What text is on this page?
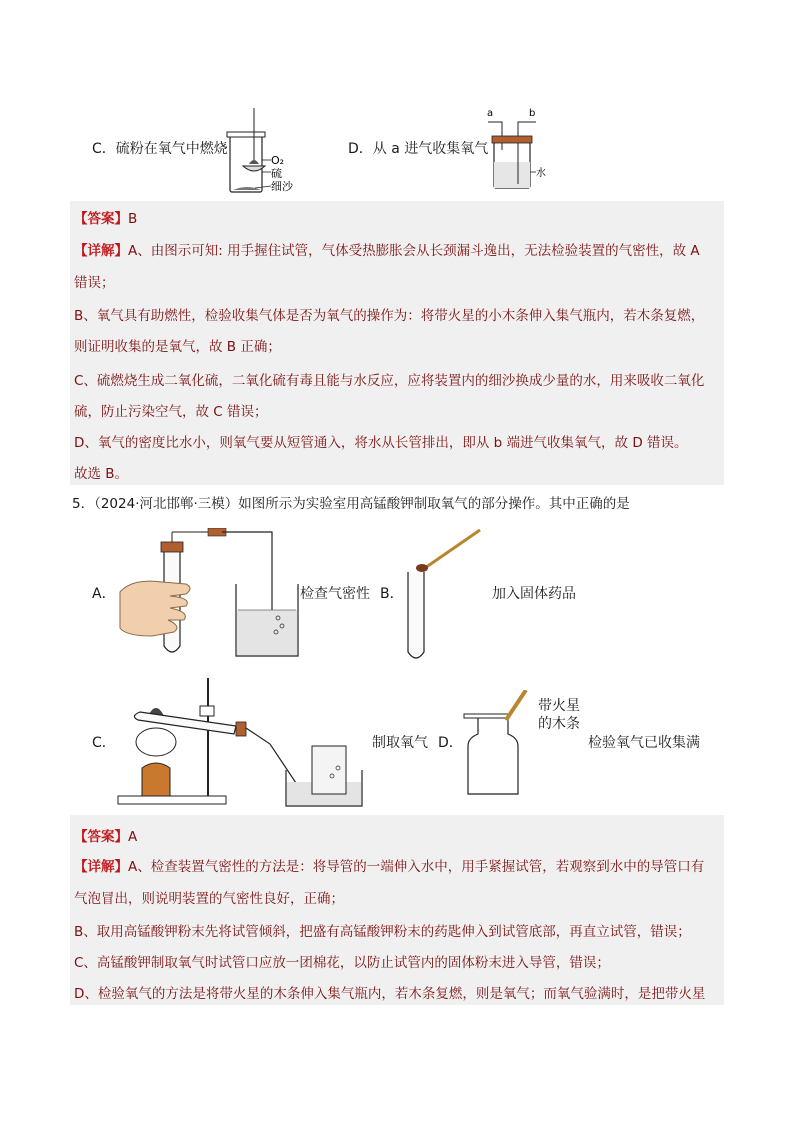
C．硫粉在氧气中燃烧
O₂
硫
细沙
D．从 a 进气收集氧气
a	b
水
【答案】B
【详解】A、由图示可知: 用手握住试管，气体受热膨胀会从长颈漏斗逸出，无法检验装置的气密性，故 A
错误；
B、氧气具有助燃性，检验收集气体是否为氧气的操作为：将带火星的小木条伸入集气瓶内，若木条复燃，
则证明收集的是氧气，故 B 正确；
C、硫燃烧生成二氧化硫，二氧化硫有毒且能与水反应，应将装置内的细沙换成少量的水，用来吸收二氧化
硫，防止污染空气，故 C 错误；
D、氧气的密度比水小，则氧气要从短管通入，将水从长管排出，即从 b 端进气收集氧气，故 D 错误。
故选 B。
5．（2024·河北邯郸·三模）如图所示为实验室用高锰酸钾制取氧气的部分操作。其中正确的是
A．	检查气密性 B．	加入固体药品
C．	制取氧气 D．
带火星
的木条
检验氧气已收集满
【答案】A
【详解】A、检查装置气密性的方法是：将导管的一端伸入水中，用手紧握试管，若观察到水中的导管口有
气泡冒出，则说明装置的气密性良好，正确；
B、取用高锰酸钾粉末先将试管倾斜，把盛有高锰酸钾粉末的药匙伸入到试管底部，再直立试管，错误；
C、高锰酸钾制取氧气时试管口应放一团棉花，以防止试管内的固体粉末进入导管，错误；
D、检验氧气的方法是将带火星的木条伸入集气瓶内，若木条复燃，则是氧气；而氧气验满时，是把带火星
